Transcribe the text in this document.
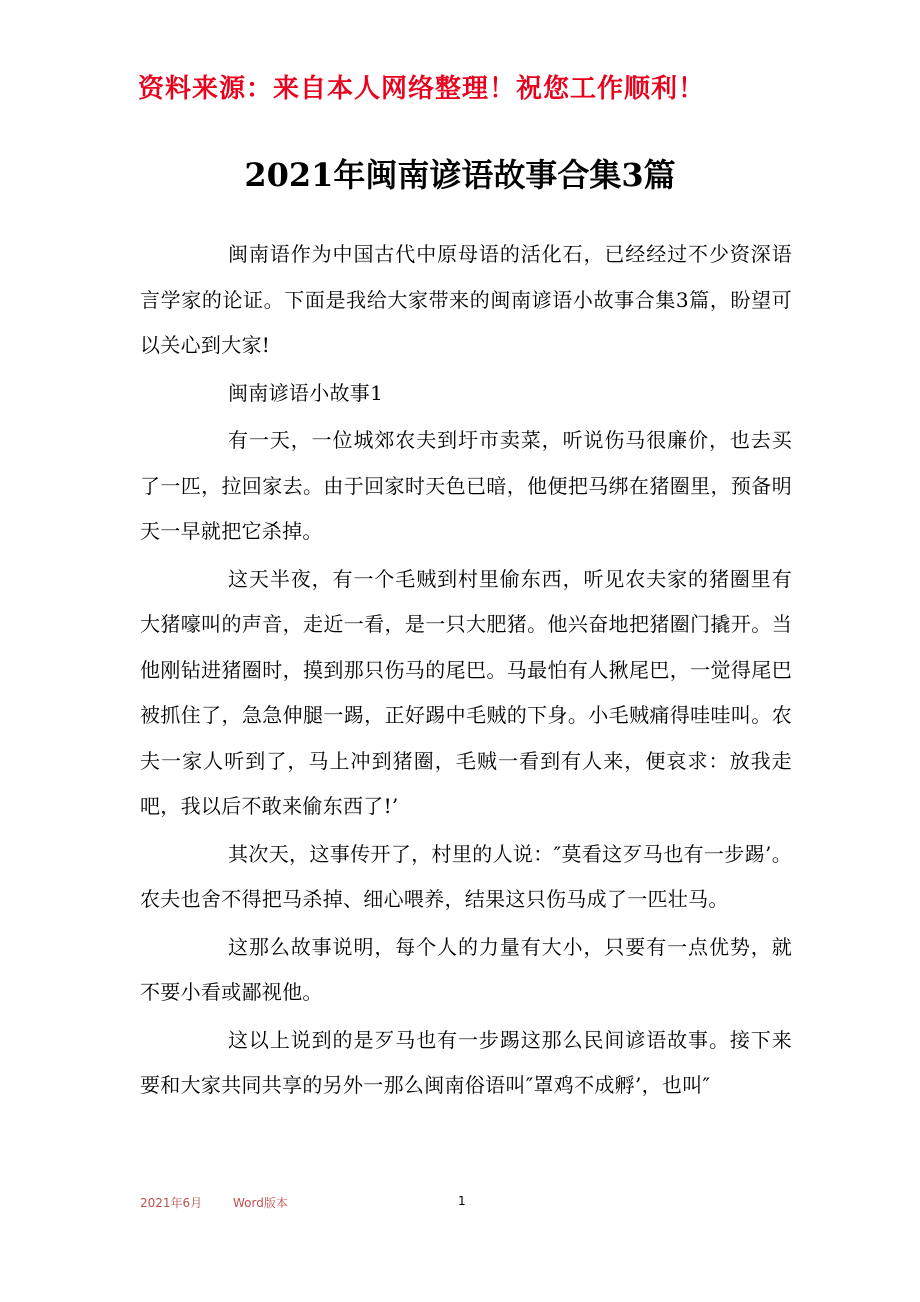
资料来源：来自本人网络整理！祝您工作顺利！
2021年闽南谚语故事合集3篇

闽南语作为中国古代中原母语的活化石，已经经过不少资深语言学家的论证。下面是我给大家带来的闽南谚语小故事合集3篇，盼望可以关心到大家!

闽南谚语小故事1

有一天，一位城郊农夫到圩市卖菜，听说伤马很廉价，也去买了一匹，拉回家去。由于回家时天色已暗，他便把马绑在猪圈里，预备明天一早就把它杀掉。

这天半夜，有一个毛贼到村里偷东西，听见农夫家的猪圈里有大猪嚎叫的声音，走近一看，是一只大肥猪。他兴奋地把猪圈门撬开。当他刚钻进猪圈时，摸到那只伤马的尾巴。马最怕有人揪尾巴，一觉得尾巴被抓住了，急急伸腿一踢，正好踢中毛贼的下身。小毛贼痛得哇哇叫。农夫一家人听到了，马上冲到猪圈，毛贼一看到有人来，便哀求：放我走吧，我以后不敢来偷东西了!’

其次天，这事传开了，村里的人说：″莫看这歹马也有一步踢’。农夫也舍不得把马杀掉、细心喂养，结果这只伤马成了一匹壮马。

这那么故事说明，每个人的力量有大小，只要有一点优势，就不要小看或鄙视他。

这以上说到的是歹马也有一步踢这那么民间谚语故事。接下来要和大家共同共享的另外一那么闽南俗语叫″罩鸡不成孵’，也叫″

2021年6月	Word版本	1
